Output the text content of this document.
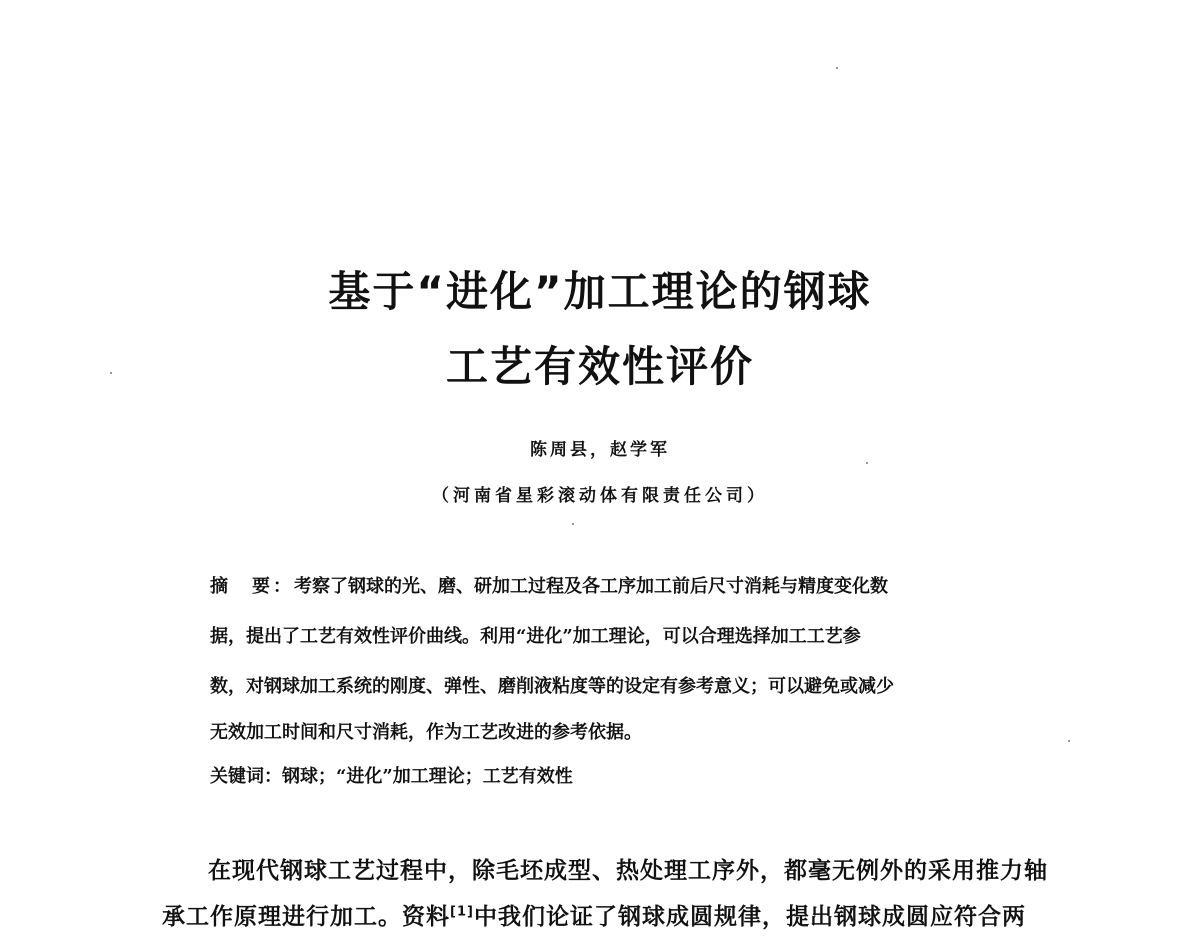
基于“进化”加工理论的钢球
工艺有效性评价
陈周县，赵学军
（河南省星彩滚动体有限责任公司）
摘　要：考察了钢球的光、磨、研加工过程及各工序加工前后尺寸消耗与精度变化数
据，提出了工艺有效性评价曲线。利用“进化”加工理论，可以合理选择加工工艺参
数，对钢球加工系统的刚度、弹性、磨削液粘度等的设定有参考意义；可以避免或减少
无效加工时间和尺寸消耗，作为工艺改进的参考依据。
关键词：钢球；“进化”加工理论；工艺有效性
在现代钢球工艺过程中，除毛坯成型、热处理工序外，都毫无例外的采用推力轴
承工作原理进行加工。资料[1]中我们论证了钢球成圆规律，提出钢球成圆应符合两
